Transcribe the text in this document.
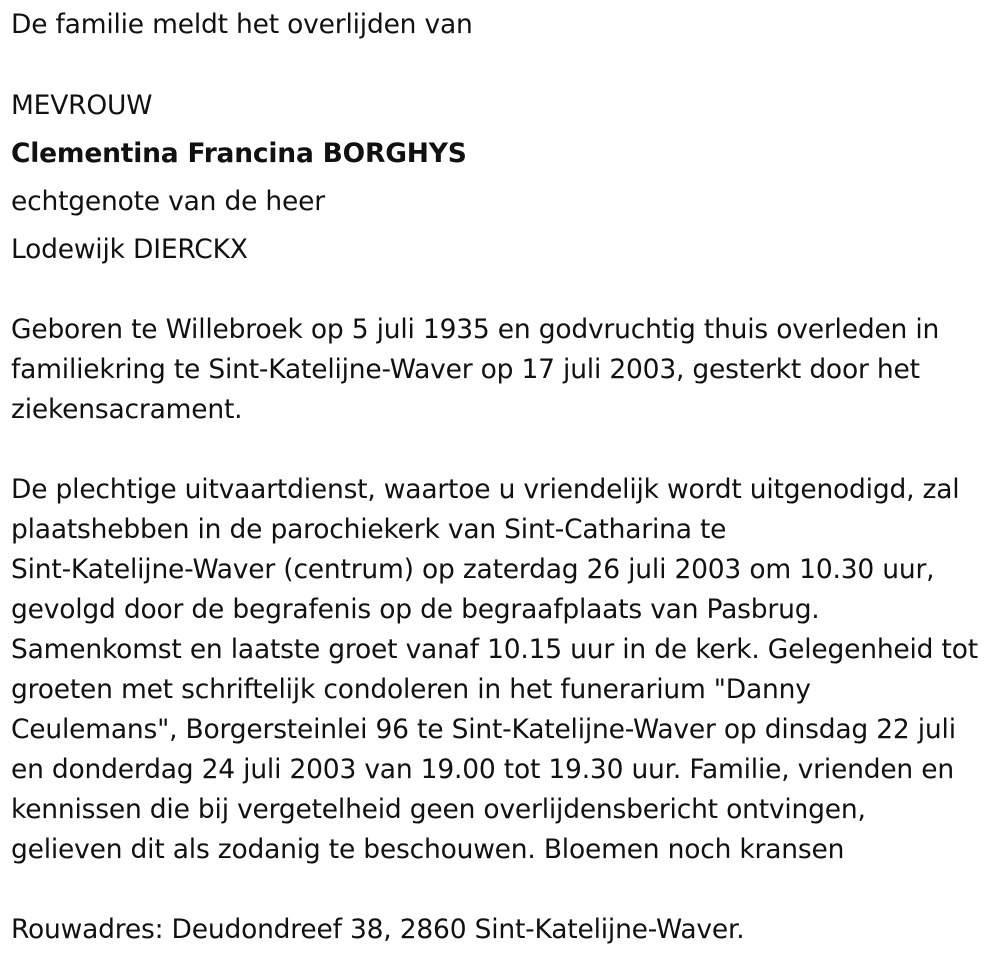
De familie meldt het overlijden van
MEVROUW
Clementina Francina BORGHYS
echtgenote van de heer
Lodewijk DIERCKX
Geboren te Willebroek op 5 juli 1935 en godvruchtig thuis overleden in
familiekring te Sint-Katelijne-Waver op 17 juli 2003, gesterkt door het
ziekensacrament.
De plechtige uitvaartdienst, waartoe u vriendelijk wordt uitgenodigd, zal
plaatshebben in de parochiekerk van Sint-Catharina te
Sint-Katelijne-Waver (centrum) op zaterdag 26 juli 2003 om 10.30 uur,
gevolgd door de begrafenis op de begraafplaats van Pasbrug.
Samenkomst en laatste groet vanaf 10.15 uur in de kerk. Gelegenheid tot
groeten met schriftelijk condoleren in het funerarium "Danny
Ceulemans", Borgersteinlei 96 te Sint-Katelijne-Waver op dinsdag 22 juli
en donderdag 24 juli 2003 van 19.00 tot 19.30 uur. Familie, vrienden en
kennissen die bij vergetelheid geen overlijdensbericht ontvingen,
gelieven dit als zodanig te beschouwen. Bloemen noch kransen
Rouwadres: Deudondreef 38, 2860 Sint-Katelijne-Waver.
